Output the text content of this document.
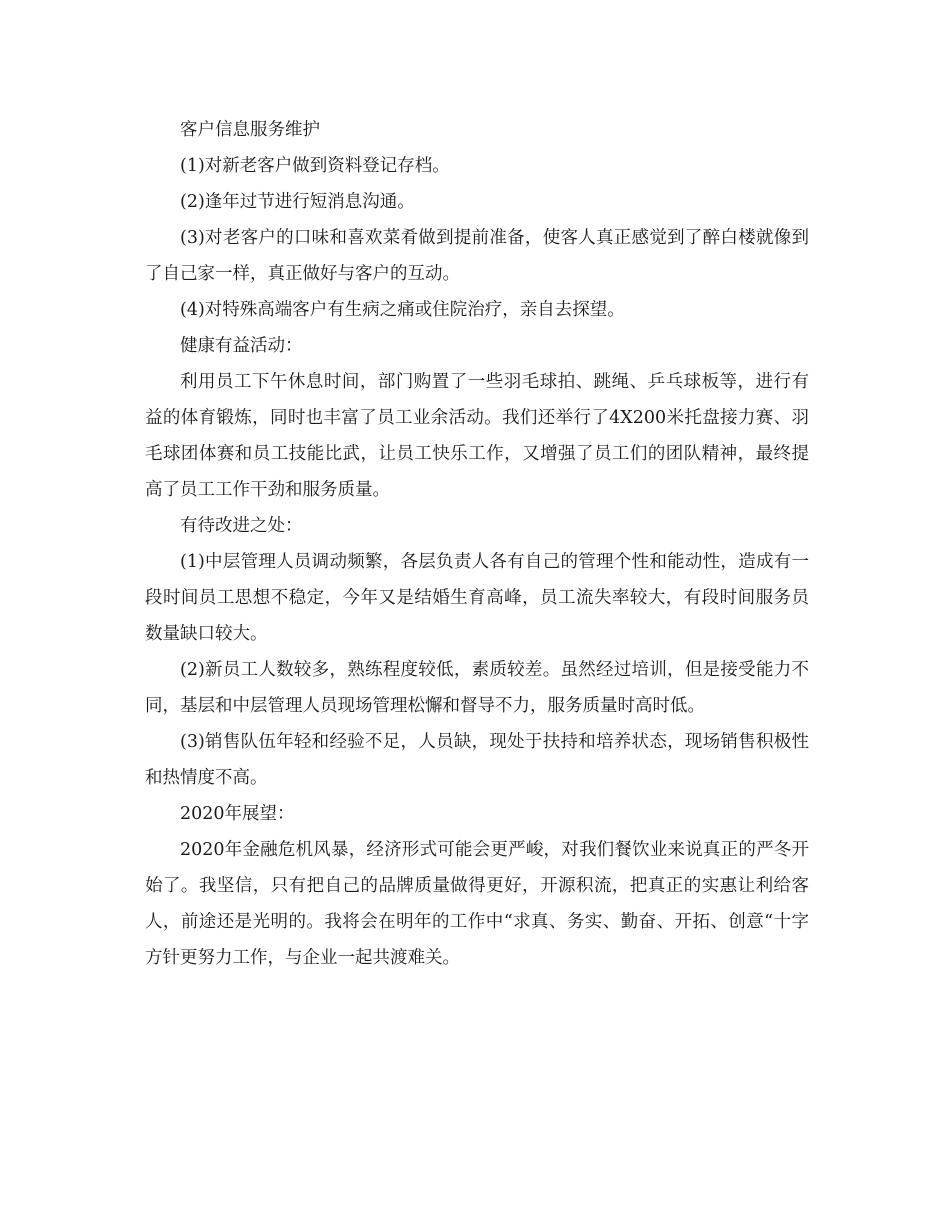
客户信息服务维护

(1)对新老客户做到资料登记存档。

(2)逢年过节进行短消息沟通。

(3)对老客户的口味和喜欢菜肴做到提前准备，使客人真正感觉到了醉白楼就像到了自己家一样，真正做好与客户的互动。

(4)对特殊高端客户有生病之痛或住院治疗，亲自去探望。

健康有益活动：

利用员工下午休息时间，部门购置了一些羽毛球拍、跳绳、乒乓球板等，进行有益的体育锻炼，同时也丰富了员工业余活动。我们还举行了4X200米托盘接力赛、羽毛球团体赛和员工技能比武，让员工快乐工作，又增强了员工们的团队精神，最终提高了员工工作干劲和服务质量。

有待改进之处：

(1)中层管理人员调动频繁，各层负责人各有自己的管理个性和能动性，造成有一段时间员工思想不稳定，今年又是结婚生育高峰，员工流失率较大，有段时间服务员数量缺口较大。

(2)新员工人数较多，熟练程度较低，素质较差。虽然经过培训，但是接受能力不同，基层和中层管理人员现场管理松懈和督导不力，服务质量时高时低。

(3)销售队伍年轻和经验不足，人员缺，现处于扶持和培养状态，现场销售积极性和热情度不高。

2020年展望：

2020年金融危机风暴，经济形式可能会更严峻，对我们餐饮业来说真正的严冬开始了。我坚信，只有把自己的品牌质量做得更好，开源积流，把真正的实惠让利给客人，前途还是光明的。我将会在明年的工作中“求真、务实、勤奋、开拓、创意“十字方针更努力工作，与企业一起共渡难关。
